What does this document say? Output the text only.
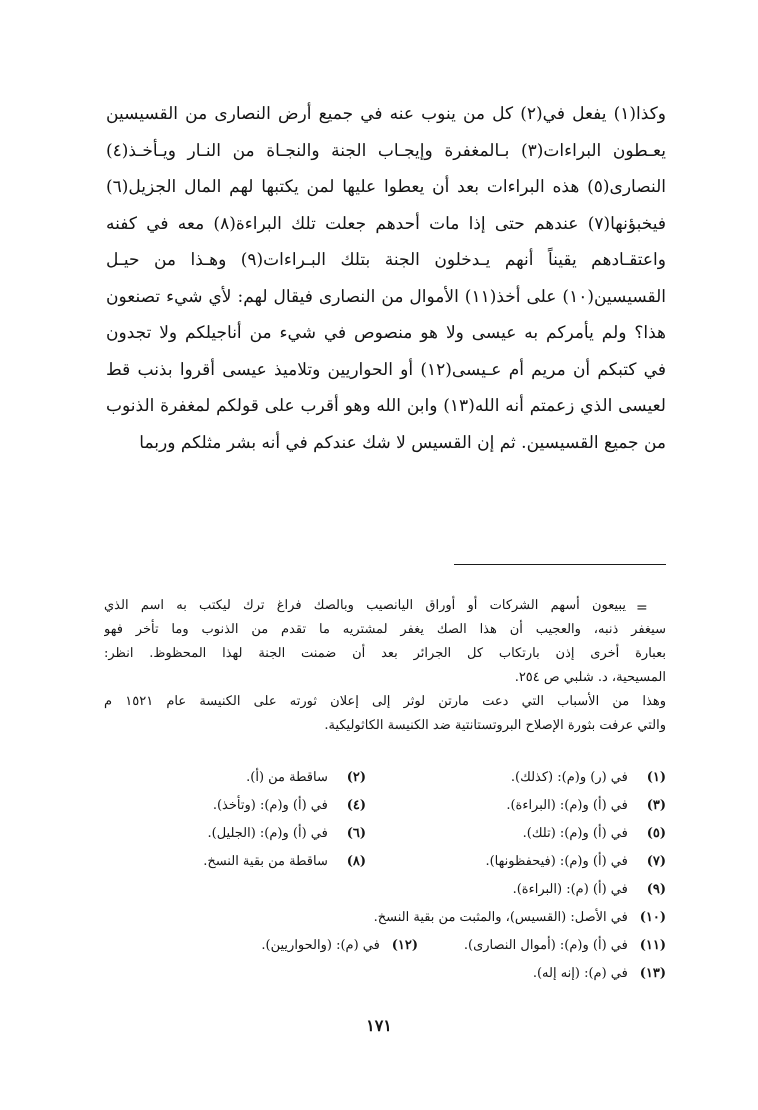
وكذا(١) يفعل في(٢) كل من ينوب عنه في جميع أرض النصارى من القسيسين
يعـطون البراءات(٣) بـالمغفرة وإيجـاب الجنة والنجـاة من النـار ويـأخـذ(٤)
النصارى(٥) هذه البراءات بعد أن يعطوا عليها لمن يكتبها لهم المال الجزيل(٦)
فيخبؤنها(٧) عندهم حتى إذا مات أحدهم جعلت تلك البراءة(٨) معه في كفنه
واعتقـادهم يقيناً أنهم يـدخلون الجنة بتلك البـراءات(٩) وهـذا من حيـل
القسيسين(١٠) على أخذ(١١) الأموال من النصارى فيقال لهم: لأي شيء تصنعون
هذا؟ ولم يأمركم به عيسى ولا هو منصوص في شيء من أناجيلكم ولا تجدون
في كتبكم أن مريم أم عـيسى(١٢) أو الحواريين وتلاميذ عيسى أقروا بذنب قط
لعيسى الذي زعمتم أنه الله(١٣) وابن الله وهو أقرب على قولكم لمغفرة الذنوب
من جميع القسيسين. ثم إن القسيس لا شك عندكم في أنه بشر مثلكم وربما
=
يبيعون أسهم الشركات أو أوراق اليانصيب وبالصك فراغ ترك ليكتب به اسم الذي
سيغفر ذنبه، والعجيب أن هذا الصك يغفر لمشتريه ما تقدم من الذنوب وما تأخر فهو
بعبارة أخرى إذن بارتكاب كل الجرائر بعد أن ضمنت الجنة لهذا المحظوظ. انظر:
المسيحية، د. شلبي ص ٢٥٤.
وهذا من الأسباب التي دعت مارتن لوثر إلى إعلان ثورته على الكنيسة عام ١٥٢١ م
والتي عرفت بثورة الإصلاح البروتستانتية ضد الكنيسة الكاثوليكية.
(١) في (ر) و(م): (كذلك).
(٢) ساقطة من (أ).
(٣) في (أ) و(م): (البراءة).
(٤) في (أ) و(م): (وتأخذ).
(٥) في (أ) و(م): (تلك).
(٦) في (أ) و(م): (الجليل).
(٧) في (أ) و(م): (فيحفظونها).
(٨) ساقطة من بقية النسخ.
(٩) في (أ) (م): (البراءة).
(١٠) في الأصل: (القسيس)، والمثبت من بقية النسخ.
(١١) في (أ) و(م): (أموال النصارى).
(١٢) في (م): (والحواريين).
(١٣) في (م): (إنه إله).
١٧١
